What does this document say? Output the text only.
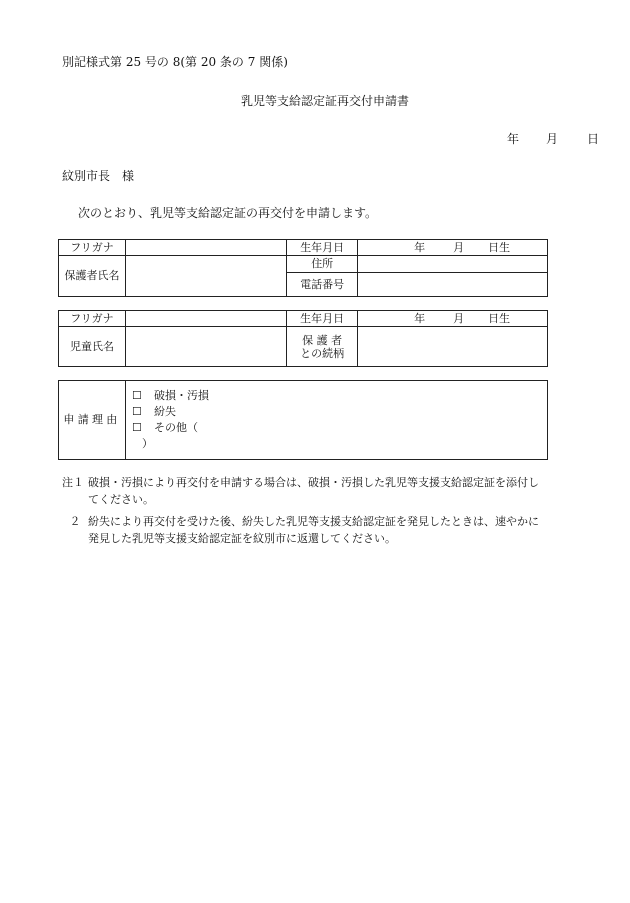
別記様式第 25 号の 8(第 20 条の 7 関係)
乳児等支給認定証再交付申請書
年 月 日
紋別市長　様
次のとおり、乳児等支給認定証の再交付を申請します。
フリガナ		生年月日	年 月 日生
保護者氏名		住所	
		電話番号	
フリガナ		生年月日	年 月 日生
児童氏名		保 護 者
との続柄	

申請理由	
☐ 破損・汚損
☐ 紛失
☐ その他（
）
注１ 破損・汚損により再交付を申請する場合は、破損・汚損した乳児等支援支給認定証を添付し
てください。
２ 紛失により再交付を受けた後、紛失した乳児等支援支給認定証を発見したときは、速やかに
発見した乳児等支援支給認定証を紋別市に返還してください。
